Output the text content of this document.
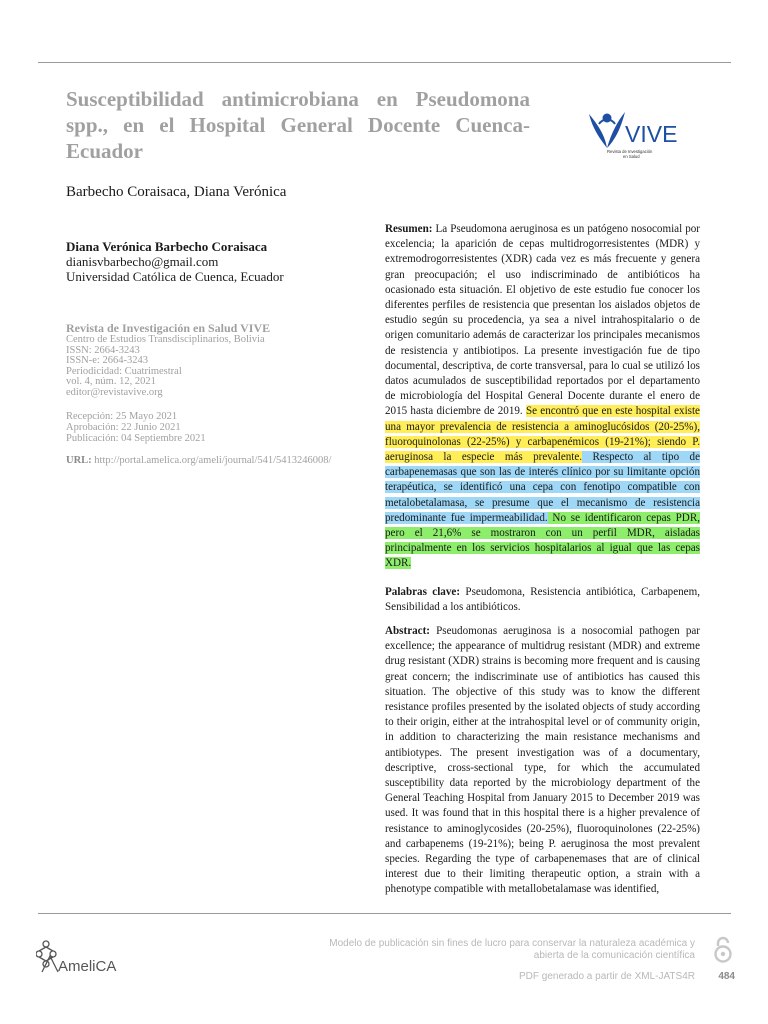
Susceptibilidad antimicrobiana en Pseudomona spp., en el Hospital General Docente Cuenca-Ecuador
VIVE
Revista de Investigación
en Salud
Barbecho Coraisaca, Diana Verónica
Diana Verónica Barbecho Coraisaca
dianisvbarbecho@gmail.com
Universidad Católica de Cuenca, Ecuador
Revista de Investigación en Salud VIVE
Centro de Estudios Transdisciplinarios, Bolivia
ISSN: 2664-3243
ISSN-e: 2664-3243
Periodicidad: Cuatrimestral
vol. 4, núm. 12, 2021
editor@revistavive.org
Recepción: 25 Mayo 2021
Aprobación: 22 Junio 2021
Publicación: 04 Septiembre 2021
URL: http://portal.amelica.org/ameli/journal/541/5413246008/
Resumen: La Pseudomona aeruginosa es un patógeno nosocomial por excelencia; la aparición de cepas multidrogorresistentes (MDR) y extremodrogorresistentes (XDR) cada vez es más frecuente y genera gran preocupación; el uso indiscriminado de antibióticos ha ocasionado esta situación. El objetivo de este estudio fue conocer los diferentes perfiles de resistencia que presentan los aislados objetos de estudio según su procedencia, ya sea a nivel intrahospitalario o de origen comunitario además de caracterizar los principales mecanismos de resistencia y antibiotipos. La presente investigación fue de tipo documental, descriptiva, de corte transversal, para lo cual se utilizó los datos acumulados de susceptibilidad reportados por el departamento de microbiología del Hospital General Docente durante el enero de 2015 hasta diciembre de 2019. Se encontró que en este hospital existe una mayor prevalencia de resistencia a aminoglucósidos (20-25%), fluoroquinolonas (22-25%) y carbapenémicos (19-21%); siendo P. aeruginosa la especie más prevalente. Respecto al tipo de carbapenemasas que son las de interés clínico por su limitante opción terapéutica, se identificó una cepa con fenotipo compatible con metalobetalamasa, se presume que el mecanismo de resistencia predominante fue impermeabilidad. No se identificaron cepas PDR, pero el 21,6% se mostraron con un perfil MDR, aisladas principalmente en los servicios hospitalarios al igual que las cepas XDR.
Palabras clave: Pseudomona, Resistencia antibiótica, Carbapenem, Sensibilidad a los antibióticos.
Abstract: Pseudomonas aeruginosa is a nosocomial pathogen par excellence; the appearance of multidrug resistant (MDR) and extreme drug resistant (XDR) strains is becoming more frequent and is causing great concern; the indiscriminate use of antibiotics has caused this situation. The objective of this study was to know the different resistance profiles presented by the isolated objects of study according to their origin, either at the intrahospital level or of community origin, in addition to characterizing the main resistance mechanisms and antibiotypes. The present investigation was of a documentary, descriptive, cross-sectional type, for which the accumulated susceptibility data reported by the microbiology department of the General Teaching Hospital from January 2015 to December 2019 was used. It was found that in this hospital there is a higher prevalence of resistance to aminoglycosides (20-25%), fluoroquinolones (22-25%) and carbapenems (19-21%); being P. aeruginosa the most prevalent species. Regarding the type of carbapenemases that are of clinical interest due to their limiting therapeutic option, a strain with a phenotype compatible with metallobetalamase was identified,
AmeliCA
Modelo de publicación sin fines de lucro para conservar la naturaleza académica y
abierta de la comunicación científica
PDF generado a partir de XML-JATS4R	484
